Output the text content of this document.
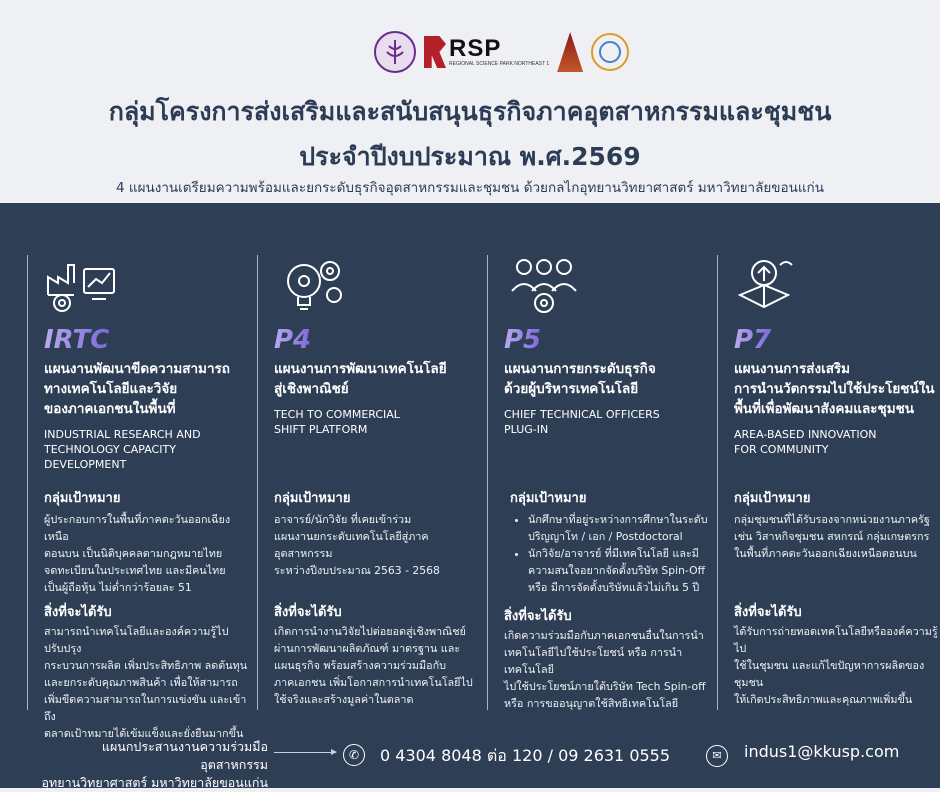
RSP
REGIONAL SCIENCE PARK NORTHEAST 1
กลุ่มโครงการส่งเสริมและสนับสนุนธุรกิจภาคอุตสาหกรรมและชุมชน
ประจำปีงบประมาณ พ.ศ.2569
4 แผนงานเตรียมความพร้อมและยกระดับธุรกิจอุตสาหกรรมและชุมชน ด้วยกลไกอุทยานวิทยาศาสตร์ มหาวิทยาลัยขอนแก่น
IRTC
แผนงานพัฒนาขีดความสามารถ
ทางเทคโนโลยีและวิจัย
ของภาคเอกชนในพื้นที่
INDUSTRIAL RESEARCH AND
TECHNOLOGY CAPACITY
DEVELOPMENT
กลุ่มเป้าหมาย
ผู้ประกอบการในพื้นที่ภาคตะวันออกเฉียงเหนือ
ตอนบน เป็นนิติบุคคลตามกฎหมายไทย
จดทะเบียนในประเทศไทย และมีคนไทย
เป็นผู้ถือหุ้น ไม่ต่ำกว่าร้อยละ 51
สิ่งที่จะได้รับ
สามารถนำเทคโนโลยีและองค์ความรู้ไปปรับปรุง
กระบวนการผลิต เพิ่มประสิทธิภาพ ลดต้นทุน
และยกระดับคุณภาพสินค้า เพื่อให้สามารถ
เพิ่มขีดความสามารถในการแข่งขัน และเข้าถึง
ตลาดเป้าหมายได้เข้มแข็งและยั่งยืนมากขึ้น
P4
แผนงานการพัฒนาเทคโนโลยี
สู่เชิงพาณิชย์
TECH TO COMMERCIAL
SHIFT PLATFORM
กลุ่มเป้าหมาย
อาจารย์/นักวิจัย ที่เคยเข้าร่วม
แผนงานยกระดับเทคโนโลยีสู่ภาคอุตสาหกรรม
ระหว่างปีงบประมาณ 2563 - 2568
สิ่งที่จะได้รับ
เกิดการนำงานวิจัยไปต่อยอดสู่เชิงพาณิชย์
ผ่านการพัฒนาผลิตภัณฑ์ มาตรฐาน และ
แผนธุรกิจ พร้อมสร้างความร่วมมือกับ
ภาคเอกชน เพิ่มโอกาสการนำเทคโนโลยีไป
ใช้จริงและสร้างมูลค่าในตลาด
P5
แผนงานการยกระดับธุรกิจ
ด้วยผู้บริหารเทคโนโลยี
CHIEF TECHNICAL OFFICERS
PLUG-IN
กลุ่มเป้าหมาย
• นักศึกษาที่อยู่ระหว่างการศึกษาในระดับ
ปริญญาโท / เอก / Postdoctoral
• นักวิจัย/อาจารย์ ที่มีเทคโนโลยี และมี
ความสนใจอยากจัดตั้งบริษัท Spin-Off
หรือ มีการจัดตั้งบริษัทแล้วไม่เกิน 5 ปี
สิ่งที่จะได้รับ
เกิดความร่วมมือกับภาคเอกชนอื่นในการนำ
เทคโนโลยีไปใช้ประโยชน์ หรือ การนำเทคโนโลยี
ไปใช้ประโยชน์ภายใต้บริษัท Tech Spin-off
หรือ การขออนุญาตใช้สิทธิเทคโนโลยี
P7
แผนงานการส่งเสริม
การนำนวัตกรรมไปใช้ประโยชน์ใน
พื้นที่เพื่อพัฒนาสังคมและชุมชน
AREA-BASED INNOVATION
FOR COMMUNITY
กลุ่มเป้าหมาย
กลุ่มชุมชนที่ได้รับรองจากหน่วยงานภาครัฐ
เช่น วิสาหกิจชุมชน สหกรณ์ กลุ่มเกษตรกร
ในพื้นที่ภาคตะวันออกเฉียงเหนือตอนบน
สิ่งที่จะได้รับ
ได้รับการถ่ายทอดเทคโนโลยีหรือองค์ความรู้ไป
ใช้ในชุมชน และแก้ไขปัญหาการผลิตของชุมชน
ให้เกิดประสิทธิภาพและคุณภาพเพิ่มขึ้น
แผนกประสานงานความร่วมมืออุตสาหกรรม
อุทยานวิทยาศาสตร์ มหาวิทยาลัยขอนแก่น
✆	0 4304 8048 ต่อ 120 / 09 2631 0555	✉	indus1@kkusp.com
